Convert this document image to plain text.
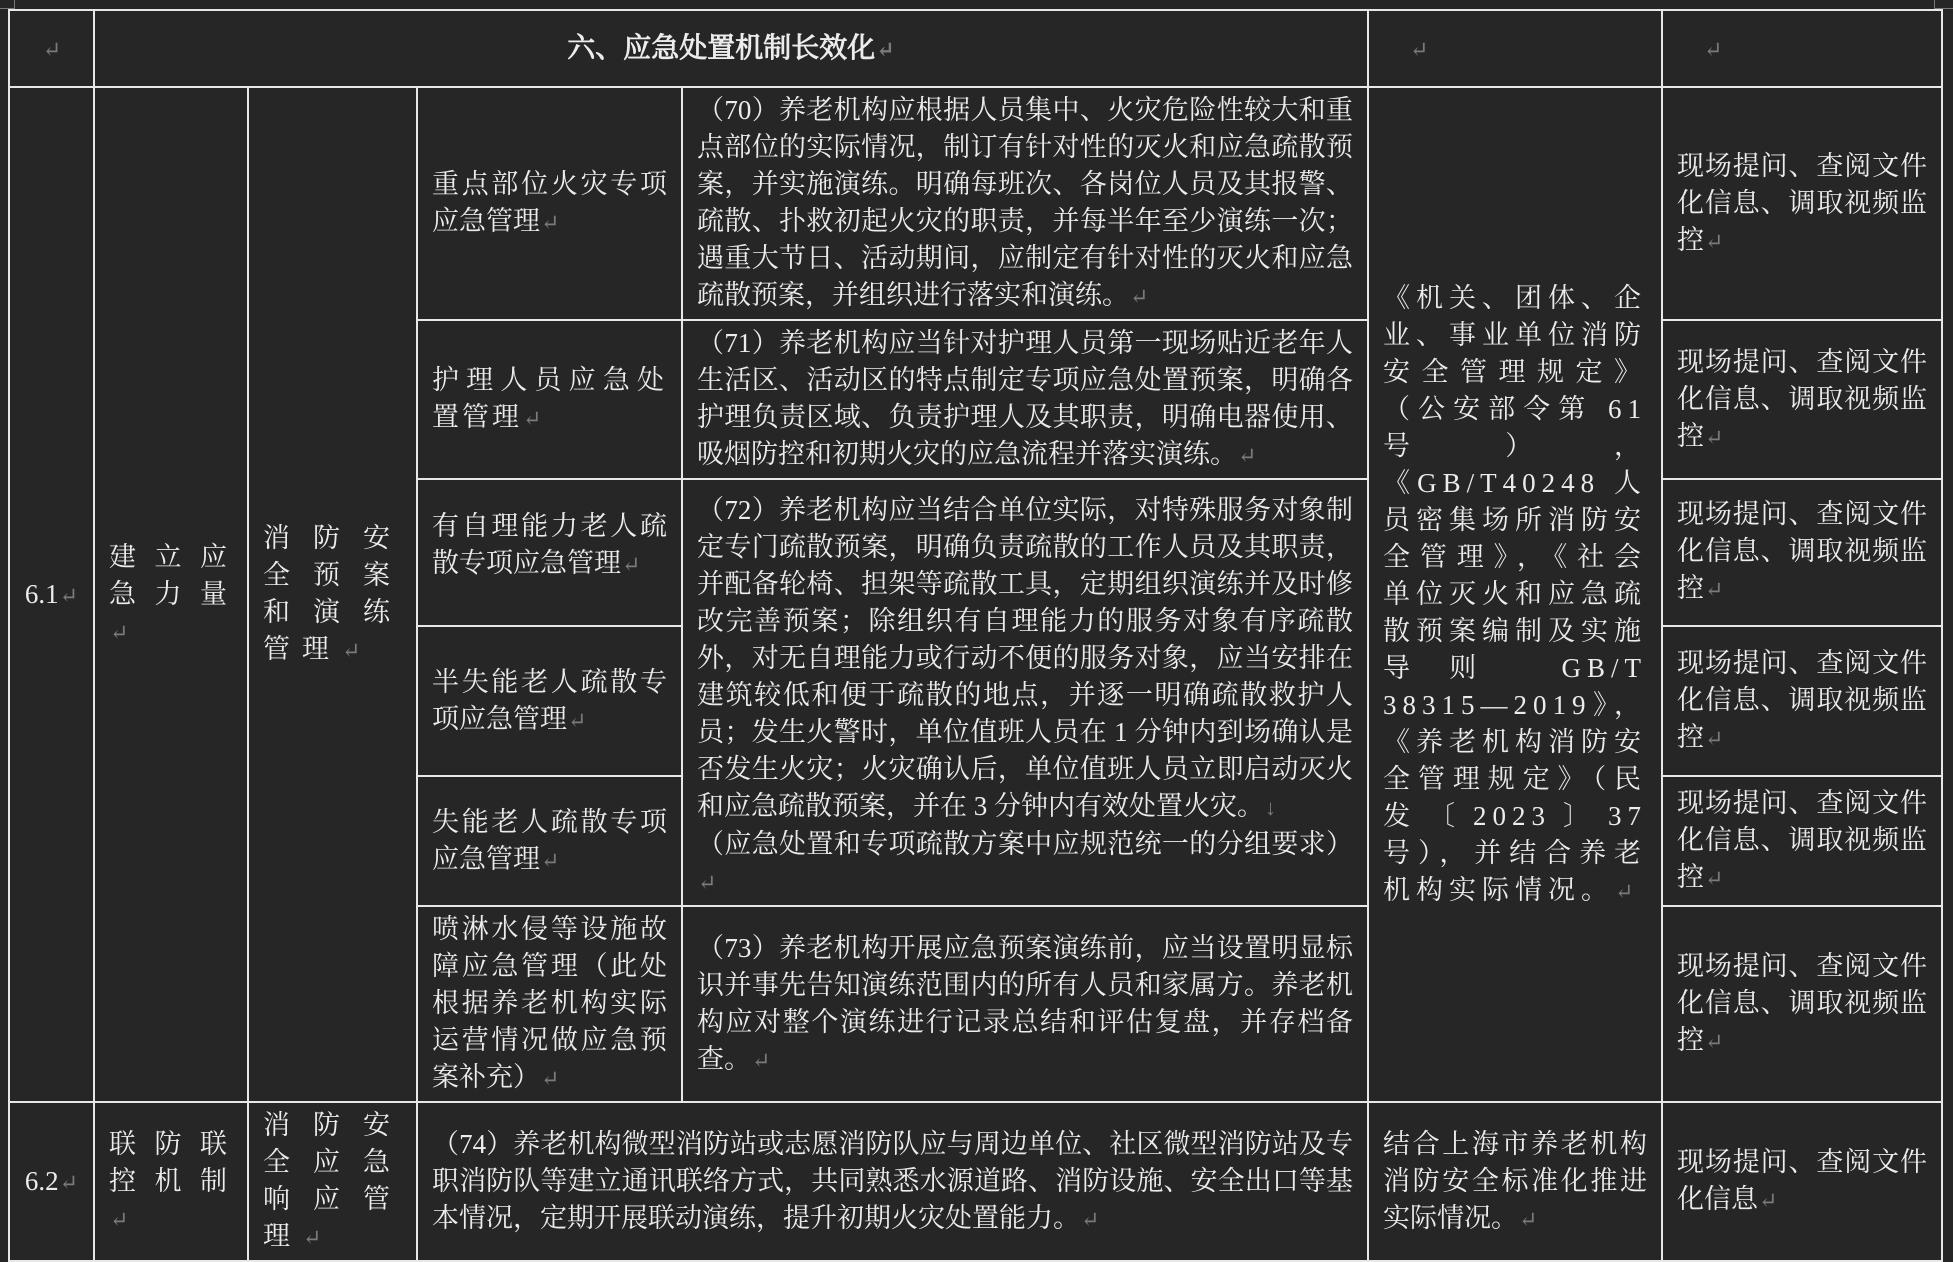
↵	六、应急处置机制长效化↵				↵	↵
6.1↵	建立应急力量↵	消防安全预案和演练管理↵	重点部位火灾专项应急管理↵	（70）养老机构应根据人员集中、火灾危险性较大和重点部位的实际情况，制订有针对性的灭火和应急疏散预案，并实施演练。明确每班次、各岗位人员及其报警、疏散、扑救初起火灾的职责，并每半年至少演练一次；遇重大节日、活动期间，应制定有针对性的灭火和应急疏散预案，并组织进行落实和演练。↵	《机关、团体、企业、事业单位消防安全管理规定》（公安部令第 61 号），《GB/T40248 人员密集场所消防安全管理》，《社会单位灭火和应急疏散预案编制及实施导则 GB/T 38315—2019》，《养老机构消防安全管理规定》（民发〔2023〕37 号），并结合养老机构实际情况。↵	现场提问、查阅文件化信息、调取视频监控↵
			护理人员应急处置管理↵	（71）养老机构应当针对护理人员第一现场贴近老年人生活区、活动区的特点制定专项应急处置预案，明确各护理负责区域、负责护理人及其职责，明确电器使用、吸烟防控和初期火灾的应急流程并落实演练。↵		现场提问、查阅文件化信息、调取视频监控↵
			有自理能力老人疏散专项应急管理↵	（72）养老机构应当结合单位实际，对特殊服务对象制定专门疏散预案，明确负责疏散的工作人员及其职责，并配备轮椅、担架等疏散工具，定期组织演练并及时修改完善预案；除组织有自理能力的服务对象有序疏散外，对无自理能力或行动不便的服务对象，应当安排在建筑较低和便于疏散的地点，并逐一明确疏散救护人员；发生火警时，单位值班人员在 1 分钟内到场确认是否发生火灾；火灾确认后，单位值班人员立即启动灭火和应急疏散预案，并在 3 分钟内有效处置火灾。↓
（应急处置和专项疏散方案中应规范统一的分组要求）↵		现场提问、查阅文件化信息、调取视频监控↵
			半失能老人疏散专项应急管理↵			现场提问、查阅文件化信息、调取视频监控↵
			失能老人疏散专项应急管理↵			现场提问、查阅文件化信息、调取视频监控↵
			喷淋水侵等设施故障应急管理（此处根据养老机构实际运营情况做应急预案补充）↵	（73）养老机构开展应急预案演练前，应当设置明显标识并事先告知演练范围内的所有人员和家属方。养老机构应对整个演练进行记录总结和评估复盘，并存档备查。↵		现场提问、查阅文件化信息、调取视频监控↵
6.2↵	联防联控机制↵	消防安全应急响应管理↵	（74）养老机构微型消防站或志愿消防队应与周边单位、社区微型消防站及专职消防队等建立通讯联络方式，共同熟悉水源道路、消防设施、安全出口等基本情况，定期开展联动演练，提升初期火灾处置能力。↵		结合上海市养老机构消防安全标准化推进实际情况。↵	现场提问、查阅文件化信息↵
